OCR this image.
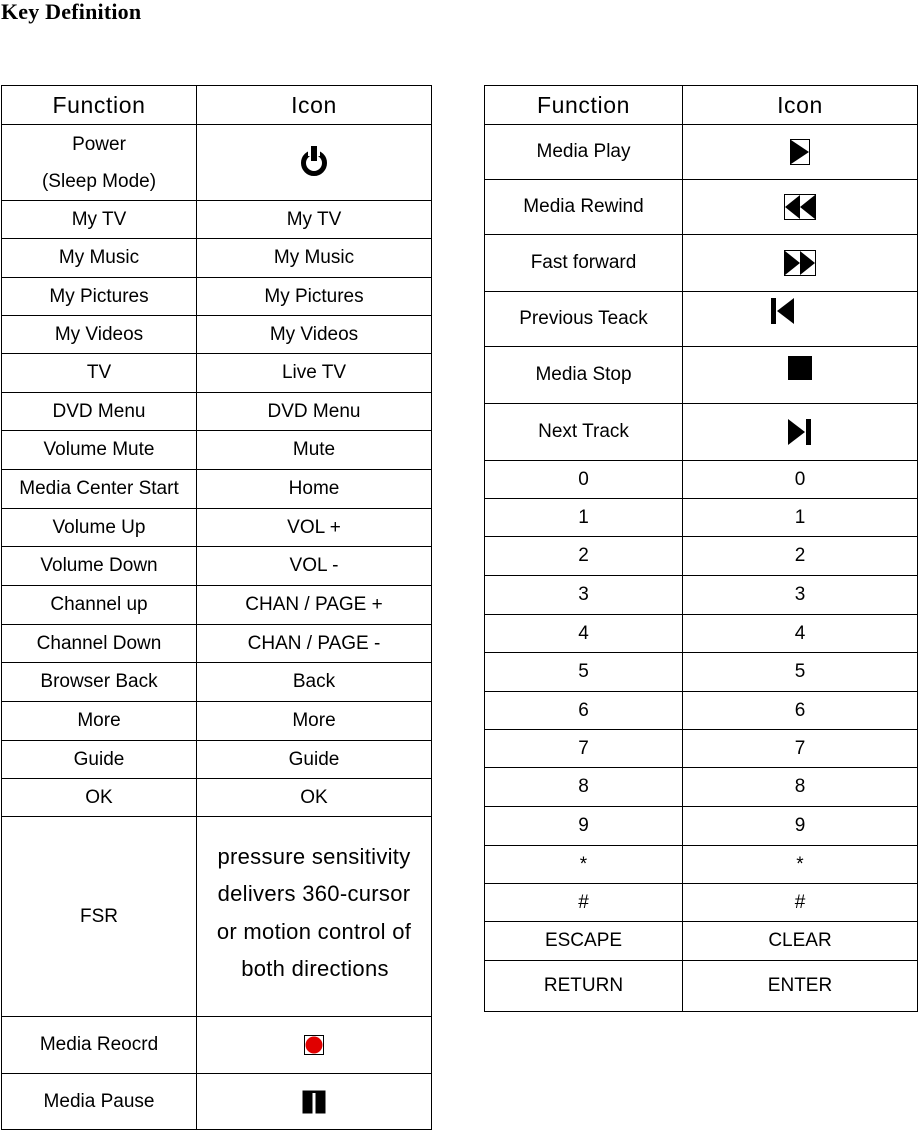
Key Definition
Function	Icon

Power
(Sleep Mode)	

My TV	My TV
My Music	My Music
My Pictures	My Pictures
My Videos	My Videos
TV	Live TV
DVD Menu	DVD Menu
Volume Mute	Mute
Media Center Start	Home
Volume Up	VOL +
Volume Down	VOL -
Channel up	CHAN / PAGE +
Channel Down	CHAN / PAGE -
Browser Back	Back
More	More
Guide	Guide
OK	OK
FSR	pressure sensitivity
delivers 360-cursor
or motion control of
both directions

Media Reocrd	
Media Pause	
Function	Icon
Media Play	
Media Rewind	
Fast forward	
Previous Teack	
Media Stop	
Next Track	
0	0
1	1
2	2
3	3
4	4
5	5
6	6
7	7
8	8
9	9
*	*
#	#
ESCAPE	CLEAR
RETURN	ENTER
